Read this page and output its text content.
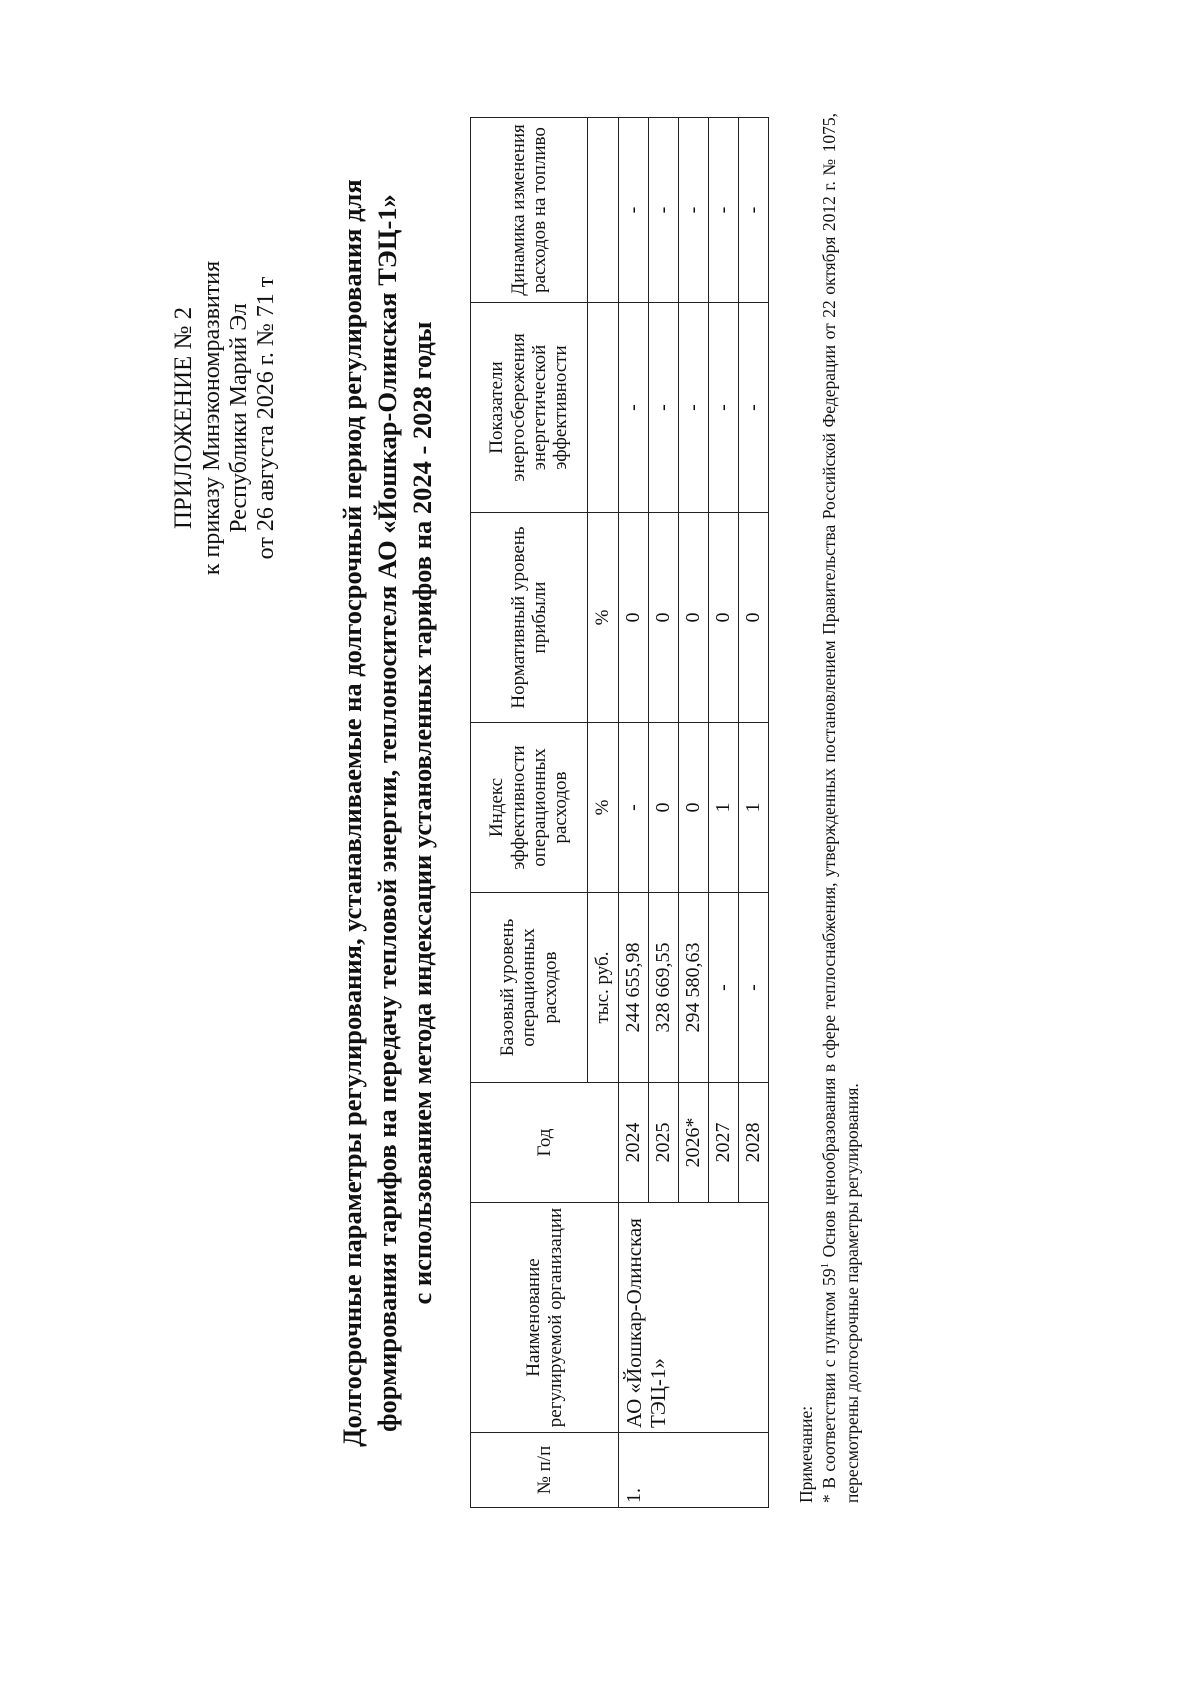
ПРИЛОЖЕНИЕ № 2 к приказу Минэкономразвития Республики Марий Эл от 26 августа 2026 г. № 71 т Долгосрочные параметры регулирования, устанавливаемые на долгосрочный период регулирования для формирования тарифов на передачу тепловой энергии, теплоносителя АО «Йошкар-Олинская ТЭЦ-1» с использованием метода индексации установленных тарифов на 2024 - 2028 годы
№ п/п	Наименование регулируемой организации	Год	Базовый уровень операционных расходов	Индекс эффективности операционных расходов	Нормативный уровень прибыли	Показатели энергосбережения энергетической эффективности	Динамика изменения расходов на топливо
			тыс. руб.	%	%		
1.	АО «Йошкар-Олинская ТЭЦ-1»	2024	244 655,98	-	0	-	-
		2025	328 669,55	0	0	-	-
		2026*	294 580,63	0	0	-	-
		2027	-	1	0	-	-
		2028	-	1	0	-	-
Примечание: * В соответствии с пунктом $59^1$ Основ ценообразования в сфере теплоснабжения, утвержденных постановлением Правительства Российской Федерации от 22 октября 2012 г. № 1075, пересмотрены долгосрочные параметры регулирования.
